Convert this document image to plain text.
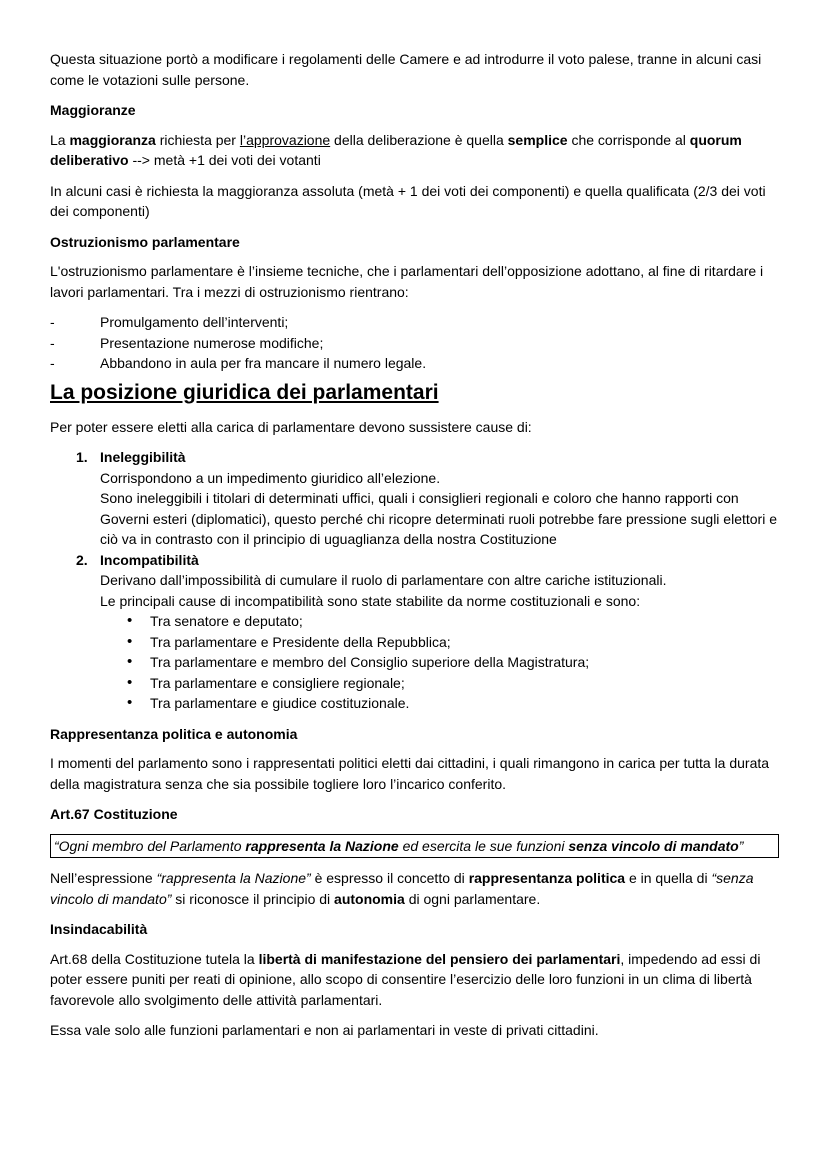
Questa situazione portò a modificare i regolamenti delle Camere e ad introdurre il voto palese, tranne in alcuni casi come le votazioni sulle persone.

Maggioranze

La maggioranza richiesta per l’approvazione della deliberazione è quella semplice che corrisponde al quorum deliberativo --> metà +1 dei voti dei votanti

In alcuni casi è richiesta la maggioranza assoluta (metà + 1 dei voti dei componenti) e quella qualificata (2/3 dei voti dei componenti)

Ostruzionismo parlamentare

L'ostruzionismo parlamentare è l’insieme tecniche, che i parlamentari dell’opposizione adottano, al fine di ritardare i lavori parlamentari. Tra i mezzi di ostruzionismo rientrano:

- Promulgamento dell’interventi;
- Presentazione numerose modifiche;
- Abbandono in aula per fra mancare il numero legale.

La posizione giuridica dei parlamentari

Per poter essere eletti alla carica di parlamentare devono sussistere cause di:

1. Ineleggibilità

Corrispondono a un impedimento giuridico all’elezione.

Sono ineleggibili i titolari di determinati uffici, quali i consiglieri regionali e coloro che hanno rapporti con Governi esteri (diplomatici), questo perché chi ricopre determinati ruoli potrebbe fare pressione sugli elettori e ciò va in contrasto con il principio di uguaglianza della nostra Costituzione

2. Incompatibilità

Derivano dall’impossibilità di cumulare il ruolo di parlamentare con altre cariche istituzionali.

Le principali cause di incompatibilità sono state stabilite da norme costituzionali e sono:

• Tra senatore e deputato;
• Tra parlamentare e Presidente della Repubblica;
• Tra parlamentare e membro del Consiglio superiore della Magistratura;
• Tra parlamentare e consigliere regionale;
• Tra parlamentare e giudice costituzionale.

Rappresentanza politica e autonomia

I momenti del parlamento sono i rappresentati politici eletti dai cittadini, i quali rimangono in carica per tutta la durata della magistratura senza che sia possibile togliere loro l’incarico conferito.

Art.67 Costituzione

“Ogni membro del Parlamento rappresenta la Nazione ed esercita le sue funzioni senza vincolo di mandato”

Nell’espressione “rappresenta la Nazione” è espresso il concetto di rappresentanza politica e in quella di “senza vincolo di mandato” si riconosce il principio di autonomia di ogni parlamentare.

Insindacabilità

Art.68 della Costituzione tutela la libertà di manifestazione del pensiero dei parlamentari, impedendo ad essi di poter essere puniti per reati di opinione, allo scopo di consentire l’esercizio delle loro funzioni in un clima di libertà favorevole allo svolgimento delle attività parlamentari.

Essa vale solo alle funzioni parlamentari e non ai parlamentari in veste di privati cittadini.
